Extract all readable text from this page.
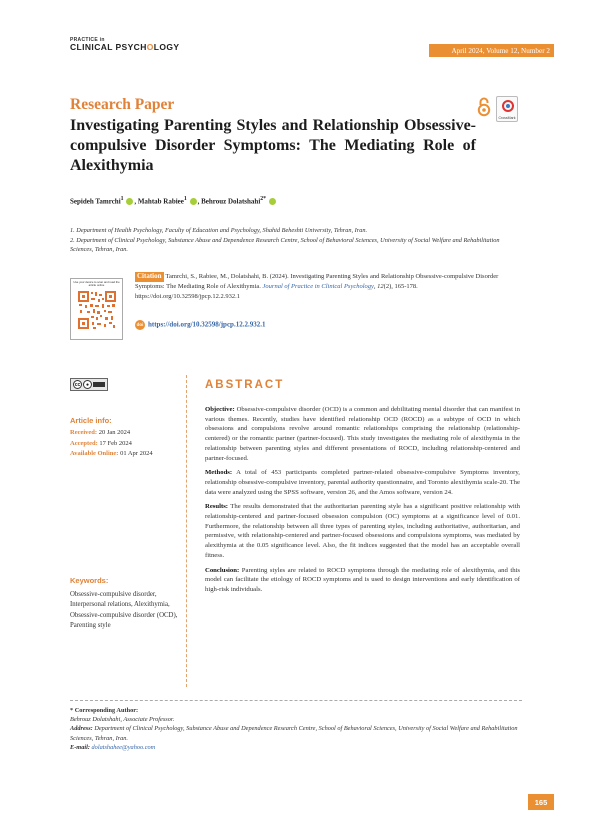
PRACTICE in
CLINICAL PSYCHOLOGY	April 2024, Volume 12, Number 2
Research Paper
CrossMark
Investigating Parenting Styles and Relationship Obsessive-compulsive Disorder Symptoms: The Mediating Role of Alexithymia
Sepideh Tamrchi$^1$ , Mahtab Rabiee$^1$ , Behrouz Dolatshahi$^{2*}$
1. Department of Health Psychology, Faculty of Education and Psychology, Shahid Beheshti University, Tehran, Iran.
2. Department of Clinical Psychology, Substance Abuse and Dependence Research Centre, School of Behavioral Sciences, University of Social Welfare and Rehabilitation Sciences, Tehran, Iran.
Use your device to scan and read the article online
Citation Tamrchi, S., Rabiee, M., Dolatshahi, B. (2024). Investigating Parenting Styles and Relationship Obsessive-compulsive Disorder Symptoms: The Mediating Role of Alexithymia. Journal of Practice in Clinical Psychology, 12(2), 165-178. https://doi.org/10.32598/jpcp.12.2.932.1
doi https://doi.org/10.32598/jpcp.12.2.932.1
cc	●
Article info:
Received: 20 Jan 2024
Accepted: 17 Feb 2024
Available Online: 01 Apr 2024
Keywords:
Obsessive-compulsive disorder, Interpersonal relations, Alexithymia, Obsessive-compulsive disorder (OCD), Parenting style
ABSTRACT

Objective: Obsessive-compulsive disorder (OCD) is a common and debilitating mental disorder that can manifest in various themes. Recently, studies have identified relationship OCD (ROCD) as a subtype of OCD in which obsessions and compulsions revolve around romantic relationships comprising the relationship (relationship-centered) or the romantic partner (partner-focused). This study investigates the mediating role of alexithymia in the relationship between parenting styles and different presentations of ROCD, including relationship-centered and partner-focused.

Methods: A total of 453 participants completed partner-related obsessive-compulsive Symptoms inventory, relationship obsessive-compulsive inventory, parental authority questionnaire, and Toronto alexithymia scale-20. The data were analyzed using the SPSS software, version 26, and the Amos software, version 24.

Results: The results demonstrated that the authoritarian parenting style has a significant positive relationship with relationship-centered and partner-focused obsession compulsion (OC) symptoms at a significance level of 0.01. Furthermore, the relationship between all three types of parenting styles, including authoritative, authoritarian, and permissive, with relationship-centered and partner-focused obsessions and compulsions symptoms, was mediated by alexithymia at the 0.05 significance level. Also, the fit indices suggested that the model has an acceptable overall fitness.

Conclusion: Parenting styles are related to ROCD symptoms through the mediating role of alexithymia, and this model can facilitate the etiology of ROCD symptoms and is used to design interventions and early identification of high-risk individuals.

* Corresponding Author:
Behrouz Dolatshahi, Associate Professor.
Address: Department of Clinical Psychology, Substance Abuse and Dependence Research Centre, School of Behavioral Sciences, University of Social Welfare and Rehabilitation Sciences, Tehran, Iran.
E-mail: dolatshahee@yahoo.com
165
